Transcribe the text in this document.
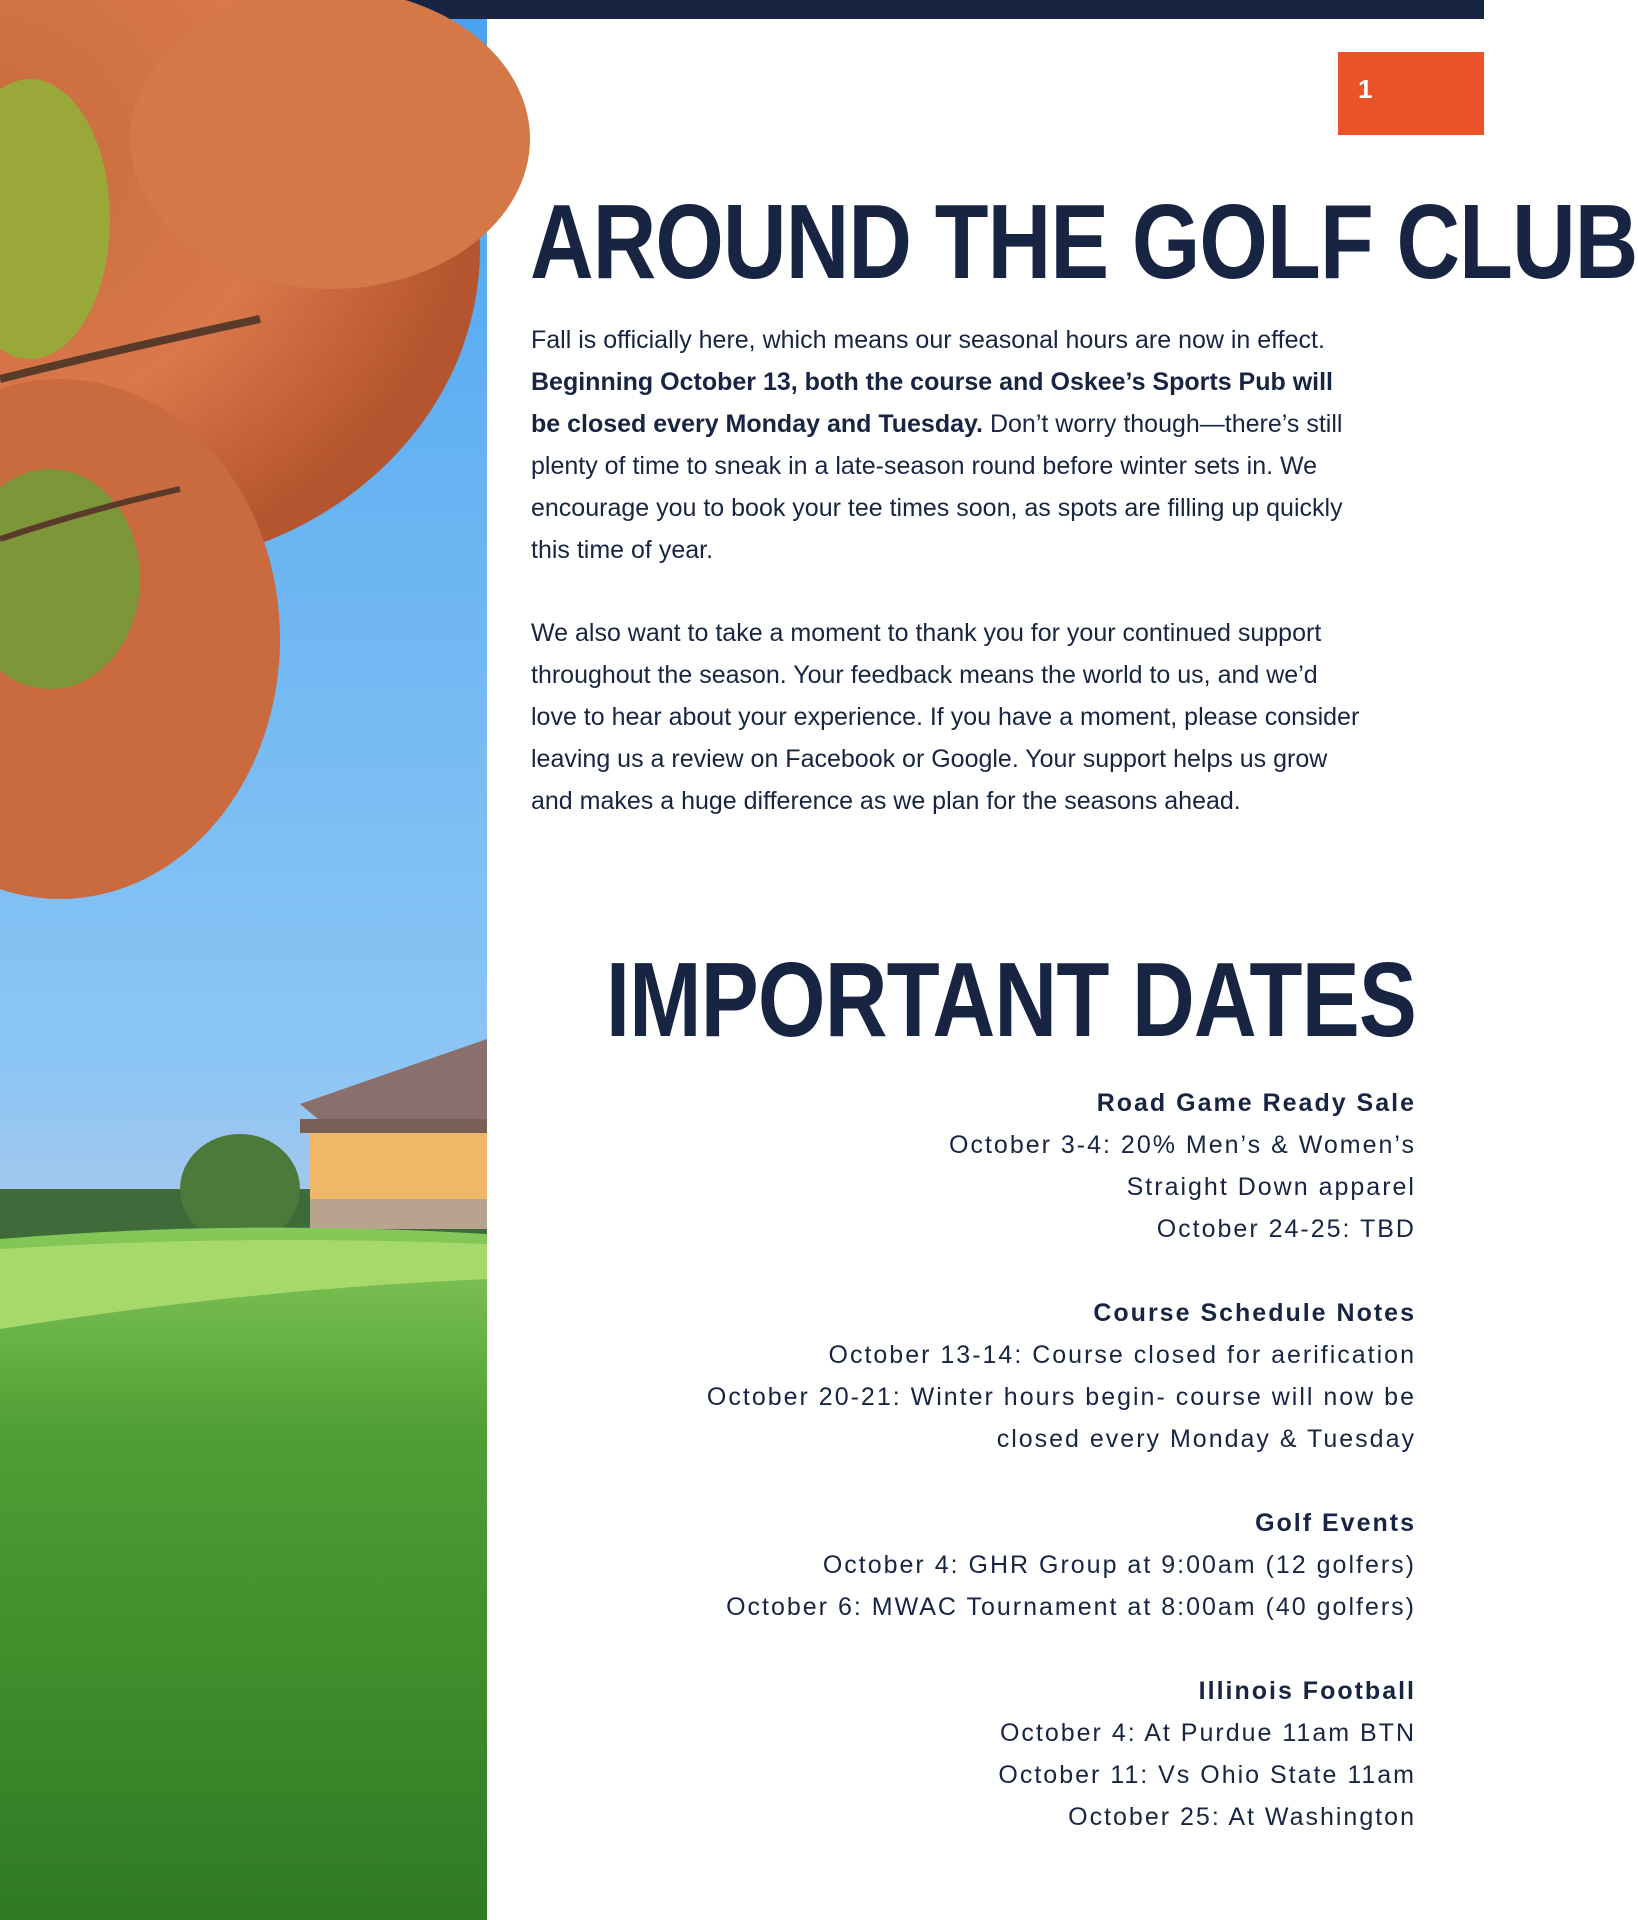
1
AROUND THE GOLF CLUB
Fall is officially here, which means our seasonal hours are now in effect. Beginning October 13, both the course and Oskee’s Sports Pub will be closed every Monday and Tuesday. Don’t worry though—there’s still plenty of time to sneak in a late-season round before winter sets in. We encourage you to book your tee times soon, as spots are filling up quickly this time of year.
We also want to take a moment to thank you for your continued support throughout the season. Your feedback means the world to us, and we’d love to hear about your experience. If you have a moment, please consider leaving us a review on Facebook or Google. Your support helps us grow and makes a huge difference as we plan for the seasons ahead.
IMPORTANT DATES
Road Game Ready Sale
October 3-4: 20% Men’s & Women’s
Straight Down apparel
October 24-25: TBD
Course Schedule Notes
October 13-14: Course closed for aerification
October 20-21: Winter hours begin- course will now be
closed every Monday & Tuesday
Golf Events
October 4: GHR Group at 9:00am (12 golfers)
October 6: MWAC Tournament at 8:00am (40 golfers)
Illinois Football
October 4: At Purdue 11am BTN
October 11: Vs Ohio State 11am
October 25: At Washington
